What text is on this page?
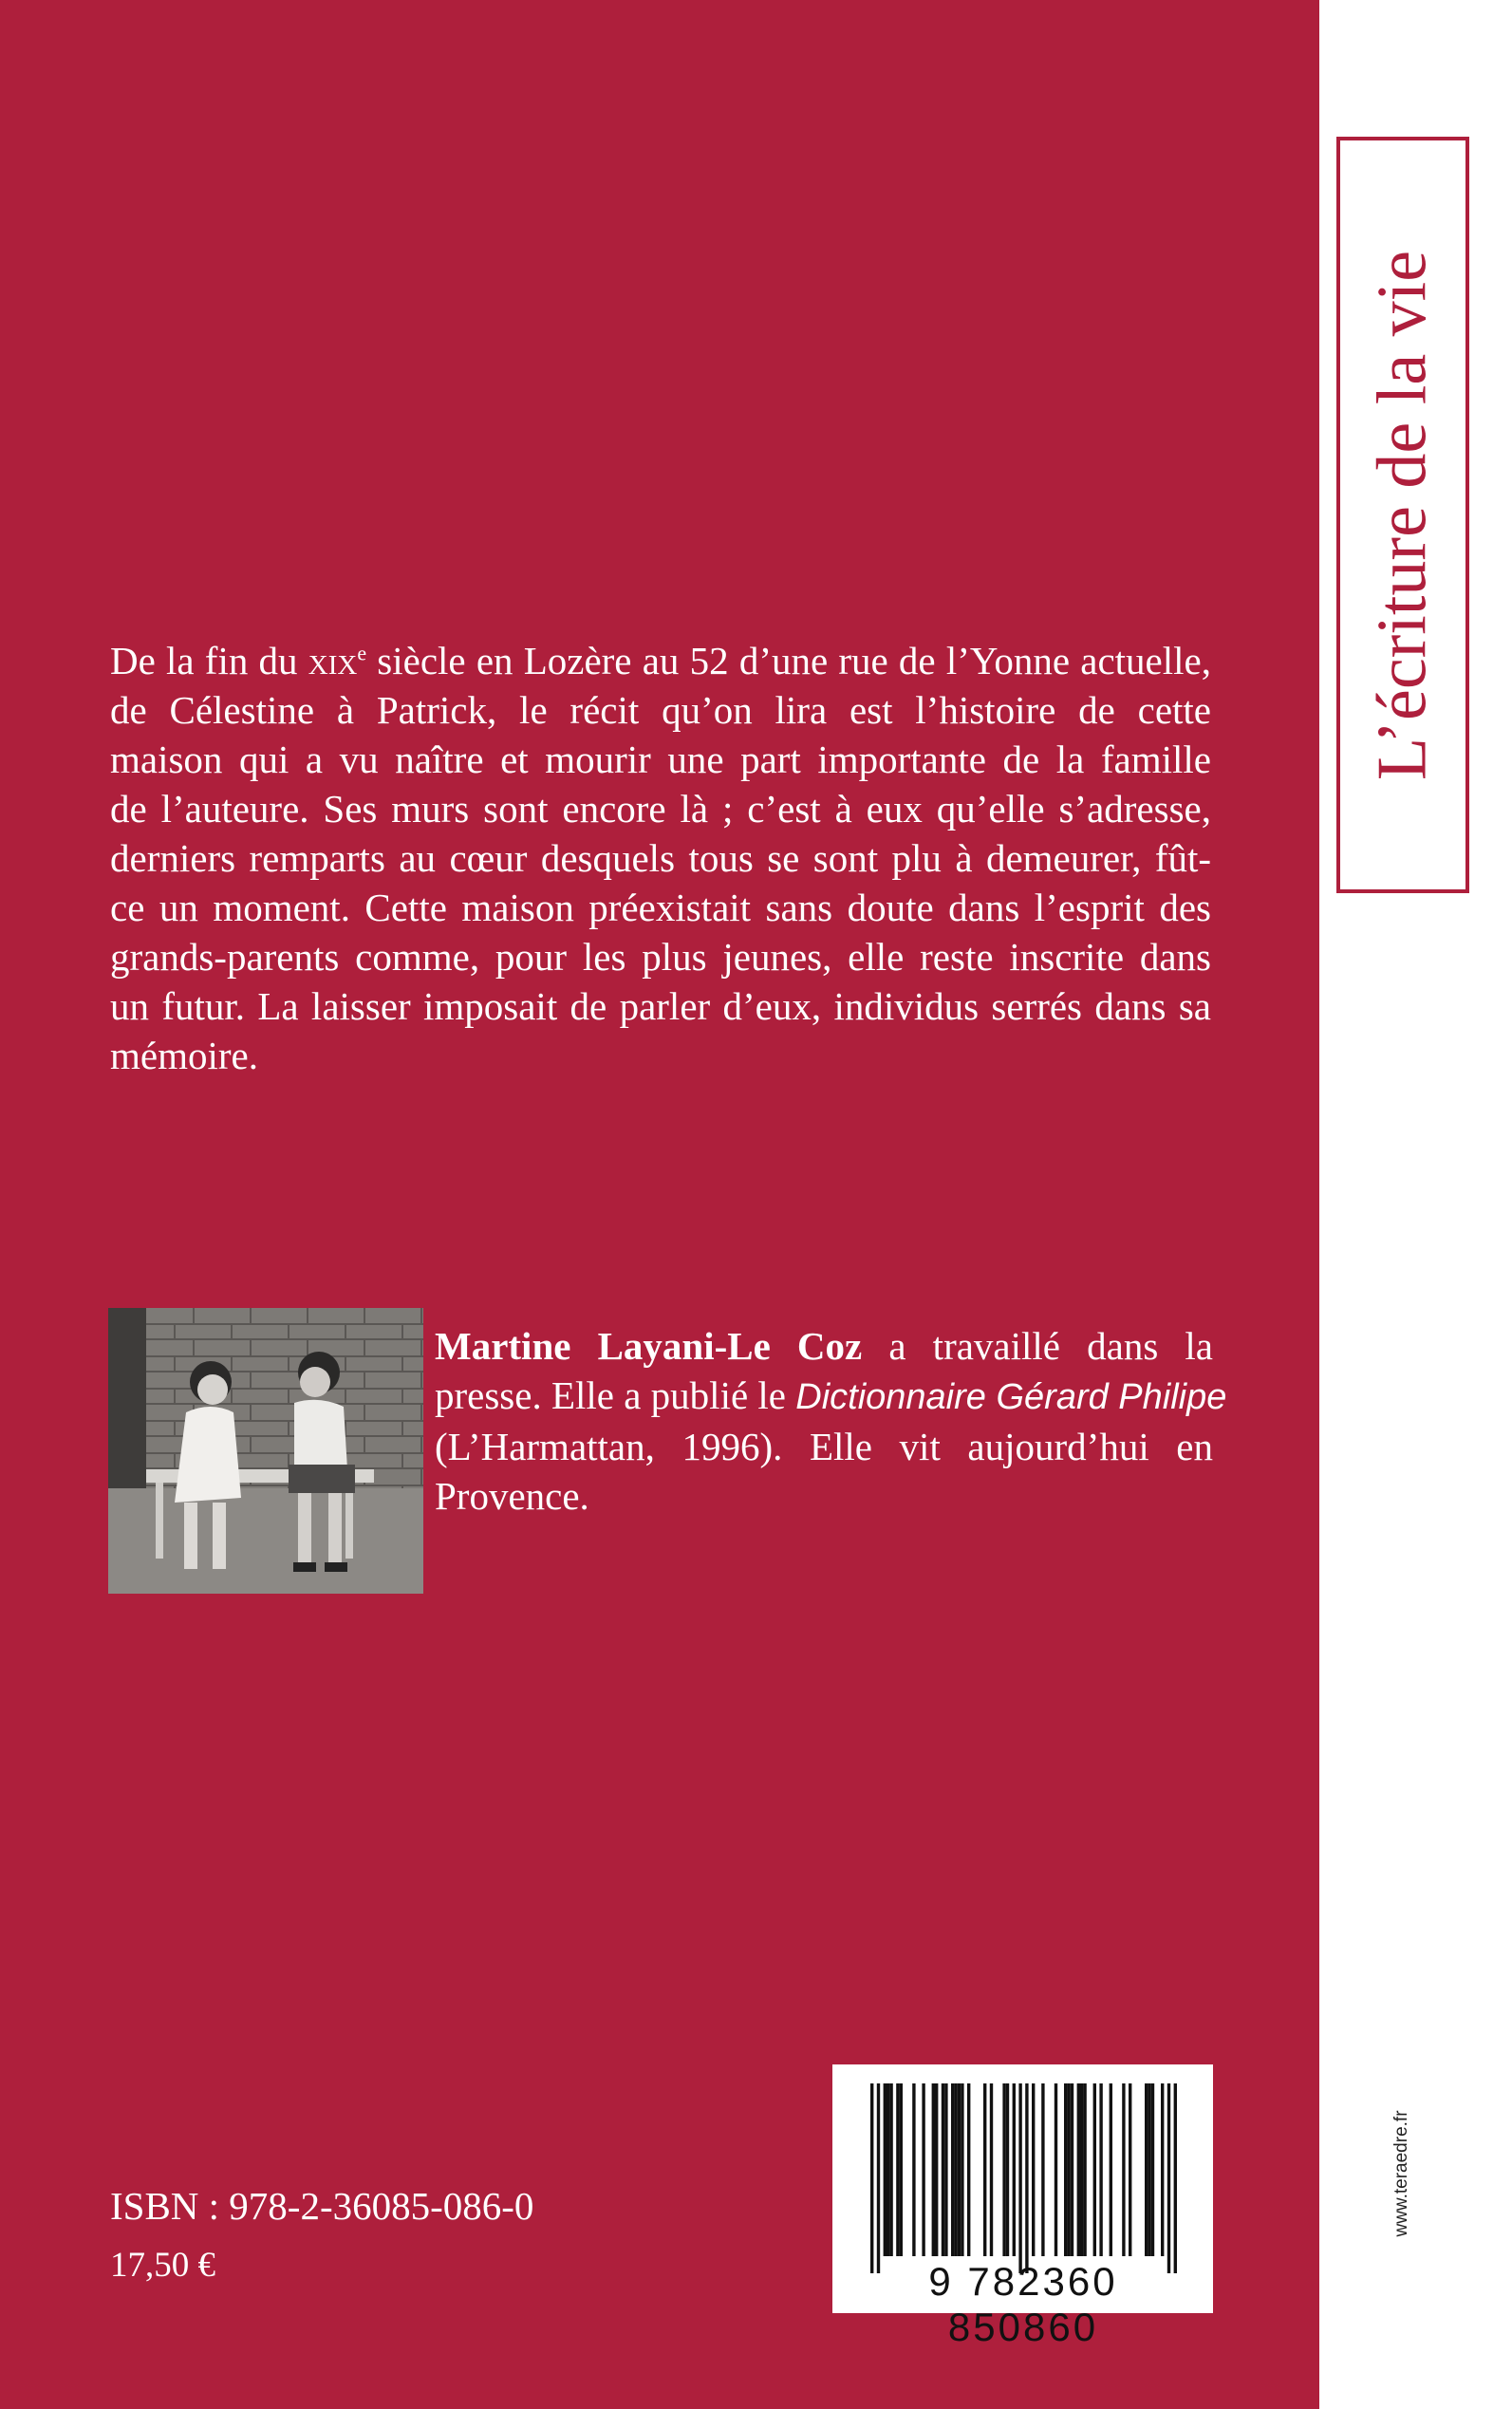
L’écriture de la vie
www.teraedre.fr
De la fin du xix$^e$ siècle en Lozère au 52 d’une rue de l’Yonne actuelle,
de Célestine à Patrick, le récit qu’on lira est l’histoire de cette
maison qui a vu naître et mourir une part importante de la famille
de l’auteure. Ses murs sont encore là ; c’est à eux qu’elle s’adresse,
derniers remparts au cœur desquels tous se sont plu à demeurer, fût-
ce un moment. Cette maison préexistait sans doute dans l’esprit des
grands-parents comme, pour les plus jeunes, elle reste inscrite dans
un futur. La laisser imposait de parler d’eux, individus serrés dans sa
mémoire.
Martine Layani-Le Coz a travaillé dans la
presse. Elle a publié le Dictionnaire Gérard Philipe
(L’Harmattan, 1996). Elle vit aujourd’hui en
Provence.
9 782360 850860
ISBN : 978-2-36085-086-0
17,50 €
